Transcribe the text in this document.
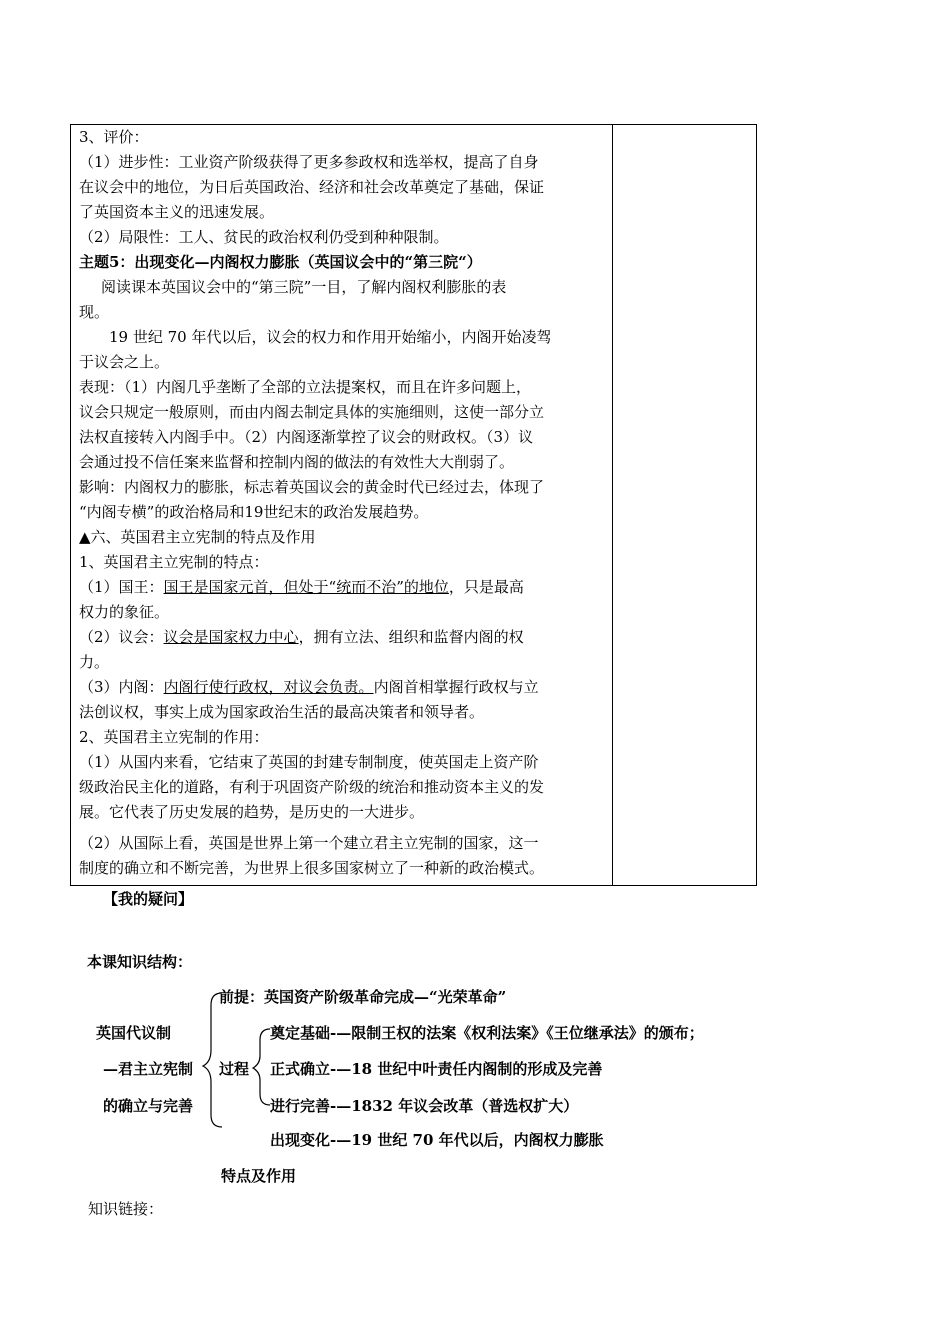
3、评价：

（1）进步性：工业资产阶级获得了更多参政权和选举权，提高了自身

在议会中的地位，为日后英国政治、经济和社会改革奠定了基础，保证

了英国资本主义的迅速发展。

（2）局限性：工人、贫民的政治权利仍受到种种限制。

主题5：出现变化—内阁权力膨胀（英国议会中的“第三院“）

阅读课本英国议会中的“第三院”一目，了解内阁权利膨胀的表

现。

19 世纪 70 年代以后，议会的权力和作用开始缩小，内阁开始凌驾

于议会之上。

表现：（1）内阁几乎垄断了全部的立法提案权，而且在许多问题上，

议会只规定一般原则，而由内阁去制定具体的实施细则，这使一部分立

法权直接转入内阁手中。（2）内阁逐渐掌控了议会的财政权。（3）议

会通过投不信任案来监督和控制内阁的做法的有效性大大削弱了。

影响：内阁权力的膨胀，标志着英国议会的黄金时代已经过去，体现了

“内阁专横”的政治格局和19世纪末的政治发展趋势。

▲六、英国君主立宪制的特点及作用

1、英国君主立宪制的特点：

（1）国王：国王是国家元首，但处于“统而不治”的地位，只是最高

权力的象征。

（2）议会：议会是国家权力中心，拥有立法、组织和监督内阁的权

力。

（3）内阁：内阁行使行政权，对议会负责。内阁首相掌握行政权与立

法创议权，事实上成为国家政治生活的最高决策者和领导者。

2、英国君主立宪制的作用：

（1）从国内来看，它结束了英国的封建专制制度，使英国走上资产阶

级政治民主化的道路，有利于巩固资产阶级的统治和推动资本主义的发

展。它代表了历史发展的趋势，是历史的一大进步。

（2）从国际上看，英国是世界上第一个建立君主立宪制的国家，这一

制度的确立和不断完善，为世界上很多国家树立了一种新的政治模式。

【我的疑问】
本课知识结构：
英国代议制
—君主立宪制
的确立与完善
前提：英国资产阶级革命完成—“光荣革命”
过程
奠定基础-—限制王权的法案《权利法案》《王位继承法》的颁布；
正式确立-—18 世纪中叶责任内阁制的形成及完善
进行完善-—1832 年议会改革（普选权扩大）
出现变化-—19 世纪 70 年代以后，内阁权力膨胀
特点及作用
知识链接：
